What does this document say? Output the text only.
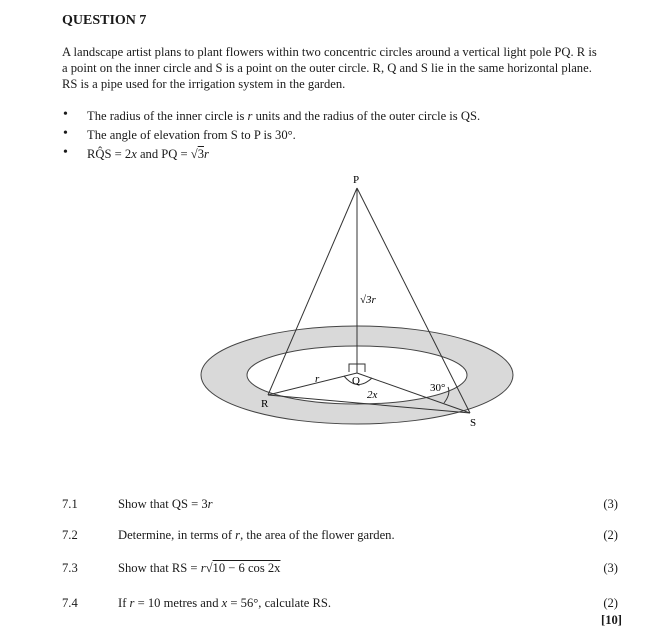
QUESTION 7
A landscape artist plans to plant flowers within two concentric circles around a vertical light pole PQ. R is a point on the inner circle and S is a point on the outer circle. R, Q and S lie in the same horizontal plane. RS is a pipe used for the irrigation system in the garden.
• The radius of the inner circle is r units and the radius of the outer circle is QS.
• The angle of elevation from S to P is 30°.
• RQ̂S = 2x and PQ = √3r
P
Q
R
S
√3r
r
2x
30°
7.1	Show that QS = 3r	(3)
7.2	Determine, in terms of r, the area of the flower garden.	(2)
7.3	Show that RS = r√10 − 6 cos 2x	(3)
7.4	If r = 10 metres and x = 56°, calculate RS.	(2)
[10]
